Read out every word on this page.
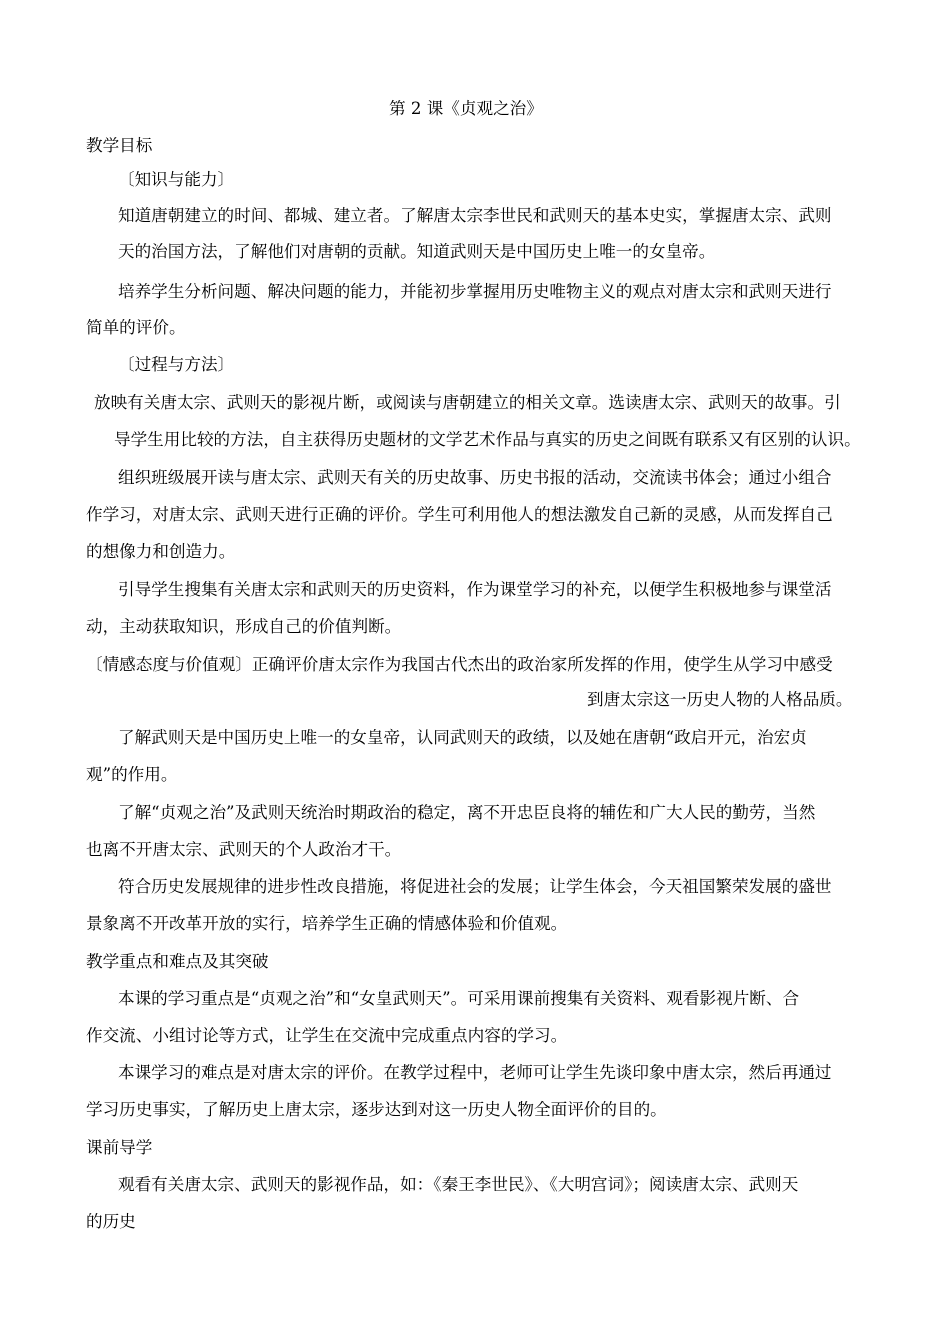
第 2 课《贞观之治》

教学目标

〔知识与能力〕

知道唐朝建立的时间、都城、建立者。了解唐太宗李世民和武则天的基本史实，掌握唐太宗、武则

天的治国方法，了解他们对唐朝的贡献。知道武则天是中国历史上唯一的女皇帝。

培养学生分析问题、解决问题的能力，并能初步掌握用历史唯物主义的观点对唐太宗和武则天进行

简单的评价。

〔过程与方法〕

放映有关唐太宗、武则天的影视片断，或阅读与唐朝建立的相关文章。选读唐太宗、武则天的故事。引

导学生用比较的方法，自主获得历史题材的文学艺术作品与真实的历史之间既有联系又有区别的认识。

组织班级展开读与唐太宗、武则天有关的历史故事、历史书报的活动，交流读书体会；通过小组合

作学习，对唐太宗、武则天进行正确的评价。学生可利用他人的想法激发自己新的灵感，从而发挥自己

的想像力和创造力。

引导学生搜集有关唐太宗和武则天的历史资料，作为课堂学习的补充，以便学生积极地参与课堂活

动，主动获取知识，形成自己的价值判断。

〔情感态度与价值观〕正确评价唐太宗作为我国古代杰出的政治家所发挥的作用，使学生从学习中感受

到唐太宗这一历史人物的人格品质。

了解武则天是中国历史上唯一的女皇帝，认同武则天的政绩，以及她在唐朝“政启开元，治宏贞

观”的作用。

了解“贞观之治”及武则天统治时期政治的稳定，离不开忠臣良将的辅佐和广大人民的勤劳，当然

也离不开唐太宗、武则天的个人政治才干。

符合历史发展规律的进步性改良措施，将促进社会的发展；让学生体会，今天祖国繁荣发展的盛世

景象离不开改革开放的实行，培养学生正确的情感体验和价值观。

教学重点和难点及其突破

本课的学习重点是“贞观之治”和“女皇武则天”。可采用课前搜集有关资料、观看影视片断、合

作交流、小组讨论等方式，让学生在交流中完成重点内容的学习。

本课学习的难点是对唐太宗的评价。在教学过程中，老师可让学生先谈印象中唐太宗，然后再通过

学习历史事实，了解历史上唐太宗，逐步达到对这一历史人物全面评价的目的。

课前导学

观看有关唐太宗、武则天的影视作品，如：《秦王李世民》、《大明宫词》；阅读唐太宗、武则天

的历史
